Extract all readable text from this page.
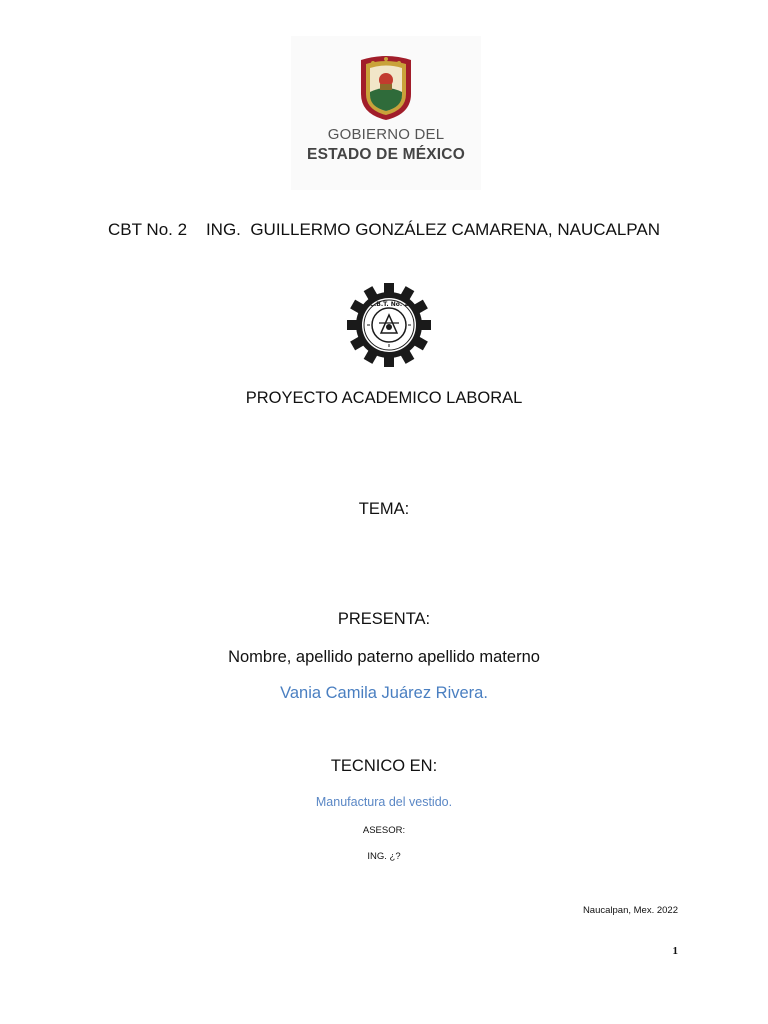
GOBIERNO DEL
ESTADO DE MÉXICO
CBT No. 2    ING.  GUILLERMO GONZÁLEZ CAMARENA, NAUCALPAN
C.B.T. No. 2
PROYECTO ACADEMICO LABORAL
TEMA:
PRESENTA:
Nombre, apellido paterno apellido materno
Vania Camila Juárez Rivera.
TECNICO EN:
Manufactura del vestido.
ASESOR:
ING. ¿?
Naucalpan, Mex. 2022
1
